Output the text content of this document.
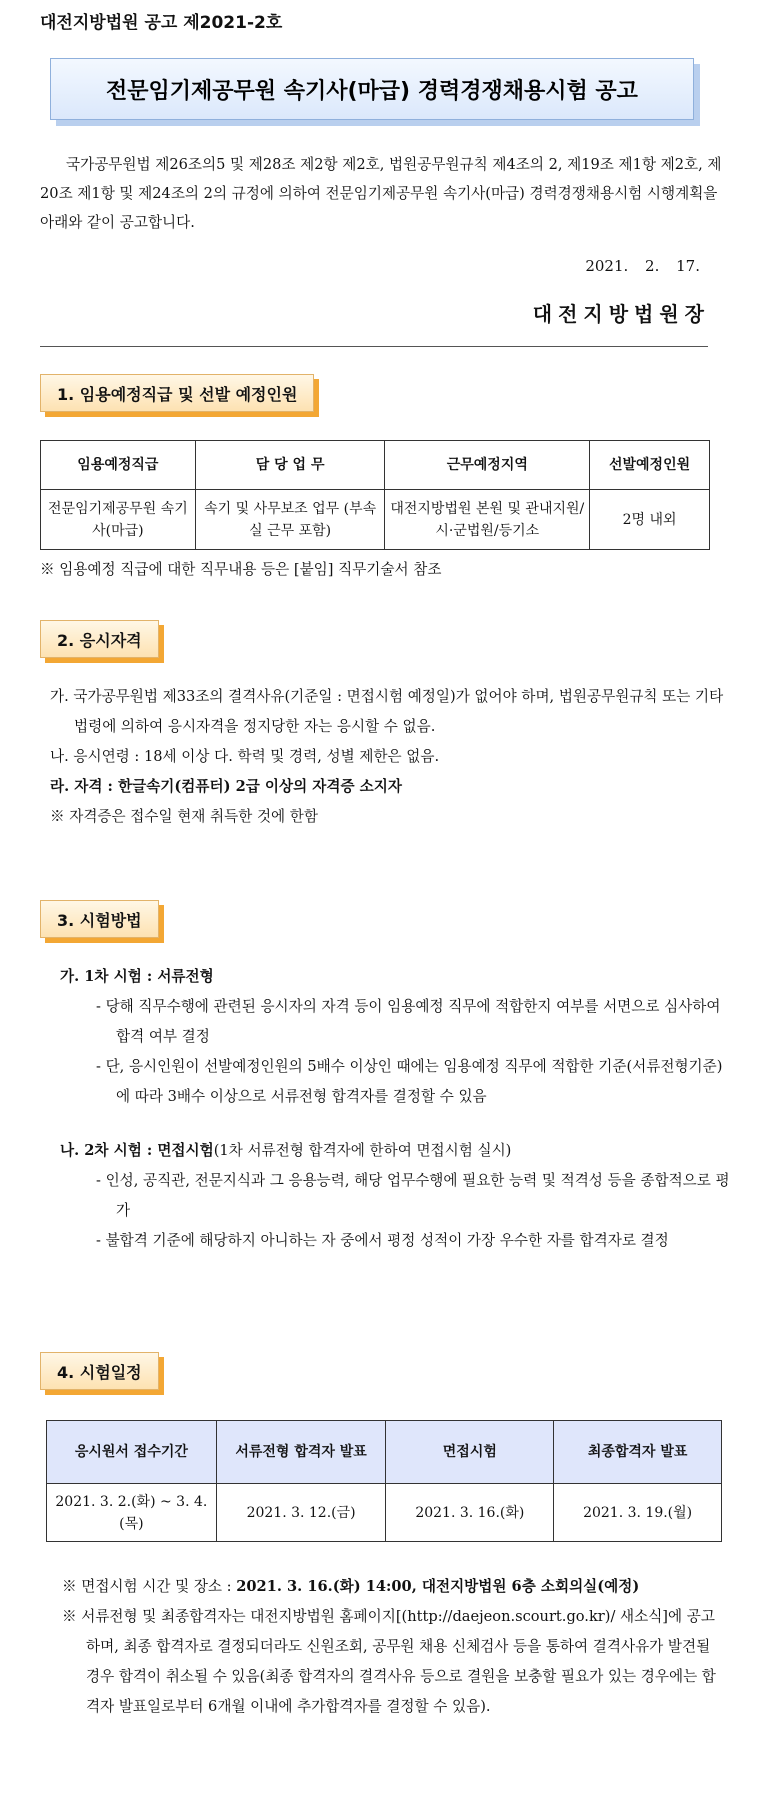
대전지방법원 공고 제2021-2호
전문임기제공무원 속기사(마급) 경력경쟁채용시험 공고

국가공무원법 제26조의5 및 제28조 제2항 제2호, 법원공무원규칙 제4조의 2, 제19조 제1항 제2호, 제20조 제1항 및 제24조의 2의 규정에 의하여 전문임기제공무원 속기사(마급) 경력경쟁채용시험 시행계획을 아래와 같이 공고합니다.

2021. 2. 17.
대전지방법원장
1. 임용예정직급 및 선발 예정인원
임용예정직급	담 당 업 무	근무예정지역	선발예정인원
전문임기제공무원 속기사(마급)	속기 및 사무보조 업무 (부속실 근무 포함)	대전지방법원 본원 및 관내지원/시·군법원/등기소	2명 내외
※ 임용예정 직급에 대한 직무내용 등은 [붙임] 직무기술서 참조
2. 응시자격
가. 국가공무원법 제33조의 결격사유(기준일 : 면접시험 예정일)가 없어야 하며, 법원공무원규칙 또는 기타 법령에 의하여 응시자격을 정지당한 자는 응시할 수 없음.
나. 응시연령 : 18세 이상 다. 학력 및 경력, 성별 제한은 없음.
라. 자격 : 한글속기(컴퓨터) 2급 이상의 자격증 소지자
※ 자격증은 접수일 현재 취득한 것에 한함
3. 시험방법
가. 1차 시험 : 서류전형
- 당해 직무수행에 관련된 응시자의 자격 등이 임용예정 직무에 적합한지 여부를 서면으로 심사하여 합격 여부 결정
- 단, 응시인원이 선발예정인원의 5배수 이상인 때에는 임용예정 직무에 적합한 기준(서류전형기준)에 따라 3배수 이상으로 서류전형 합격자를 결정할 수 있음
나. 2차 시험 : 면접시험(1차 서류전형 합격자에 한하여 면접시험 실시)
- 인성, 공직관, 전문지식과 그 응용능력, 해당 업무수행에 필요한 능력 및 적격성 등을 종합적으로 평가
- 불합격 기준에 해당하지 아니하는 자 중에서 평정 성적이 가장 우수한 자를 합격자로 결정
4. 시험일정
응시원서 접수기간	서류전형 합격자 발표	면접시험	최종합격자 발표
2021. 3. 2.(화) ~ 3. 4.(목)	2021. 3. 12.(금)	2021. 3. 16.(화)	2021. 3. 19.(월)
※ 면접시험 시간 및 장소 : 2021. 3. 16.(화) 14:00, 대전지방법원 6층 소회의실(예정)
※ 서류전형 및 최종합격자는 대전지방법원 홈페이지[(http://daejeon.scourt.go.kr)/ 새소식]에 공고하며, 최종 합격자로 결정되더라도 신원조회, 공무원 채용 신체검사 등을 통하여 결격사유가 발견될 경우 합격이 취소될 수 있음(최종 합격자의 결격사유 등으로 결원을 보충할 필요가 있는 경우에는 합격자 발표일로부터 6개월 이내에 추가합격자를 결정할 수 있음).
